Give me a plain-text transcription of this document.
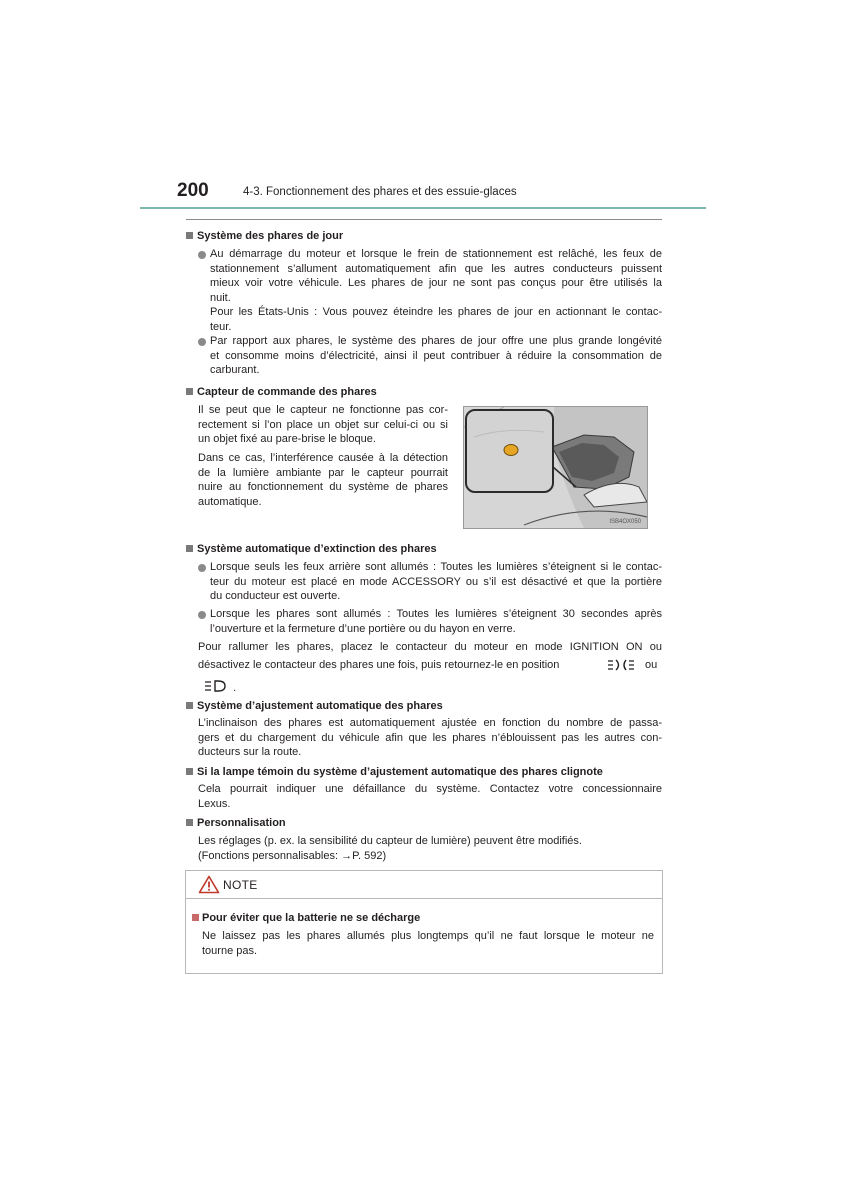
200	4-3. Fonctionnement des phares et des essuie-glaces
Système des phares de jour
Au démarrage du moteur et lorsque le frein de stationnement est relâché, les feux de
stationnement s’allument automatiquement afin que les autres conducteurs puissent
mieux voir votre véhicule. Les phares de jour ne sont pas conçus pour être utilisés la
nuit.
Pour les États-Unis : Vous pouvez éteindre les phares de jour en actionnant le contac-
teur.
Par rapport aux phares, le système des phares de jour offre une plus grande longévité
et consomme moins d’électricité, ainsi il peut contribuer à réduire la consommation de
carburant.
Capteur de commande des phares
Il se peut que le capteur ne fonctionne pas cor-
rectement si l’on place un objet sur celui-ci ou si
un objet fixé au pare-brise le bloque.
Dans ce cas, l’interférence causée à la détection
de la lumière ambiante par le capteur pourrait
nuire au fonctionnement du système de phares
automatique.
ISB4OX050
Système automatique d’extinction des phares
Lorsque seuls les feux arrière sont allumés : Toutes les lumières s’éteignent si le contac-
teur du moteur est placé en mode ACCESSORY ou s’il est désactivé et que la portière
du conducteur est ouverte.
Lorsque les phares sont allumés : Toutes les lumières s’éteignent 30 secondes après
l’ouverture et la fermeture d’une portière ou du hayon en verre.
Pour rallumer les phares, placez le contacteur du moteur en mode IGNITION ON ou
désactivez le contacteur des phares une fois, puis retournez-le en position	ou
.
Système d’ajustement automatique des phares
L’inclinaison des phares est automatiquement ajustée en fonction du nombre de passa-
gers et du chargement du véhicule afin que les phares n’éblouissent pas les autres con-
ducteurs sur la route.
Si la lampe témoin du système d’ajustement automatique des phares clignote
Cela pourrait indiquer une défaillance du système. Contactez votre concessionnaire
Lexus.
Personnalisation
Les réglages (p. ex. la sensibilité du capteur de lumière) peuvent être modifiés.
(Fonctions personnalisables: →P. 592)
NOTE
Pour éviter que la batterie ne se décharge
Ne laissez pas les phares allumés plus longtemps qu’il ne faut lorsque le moteur ne
tourne pas.
